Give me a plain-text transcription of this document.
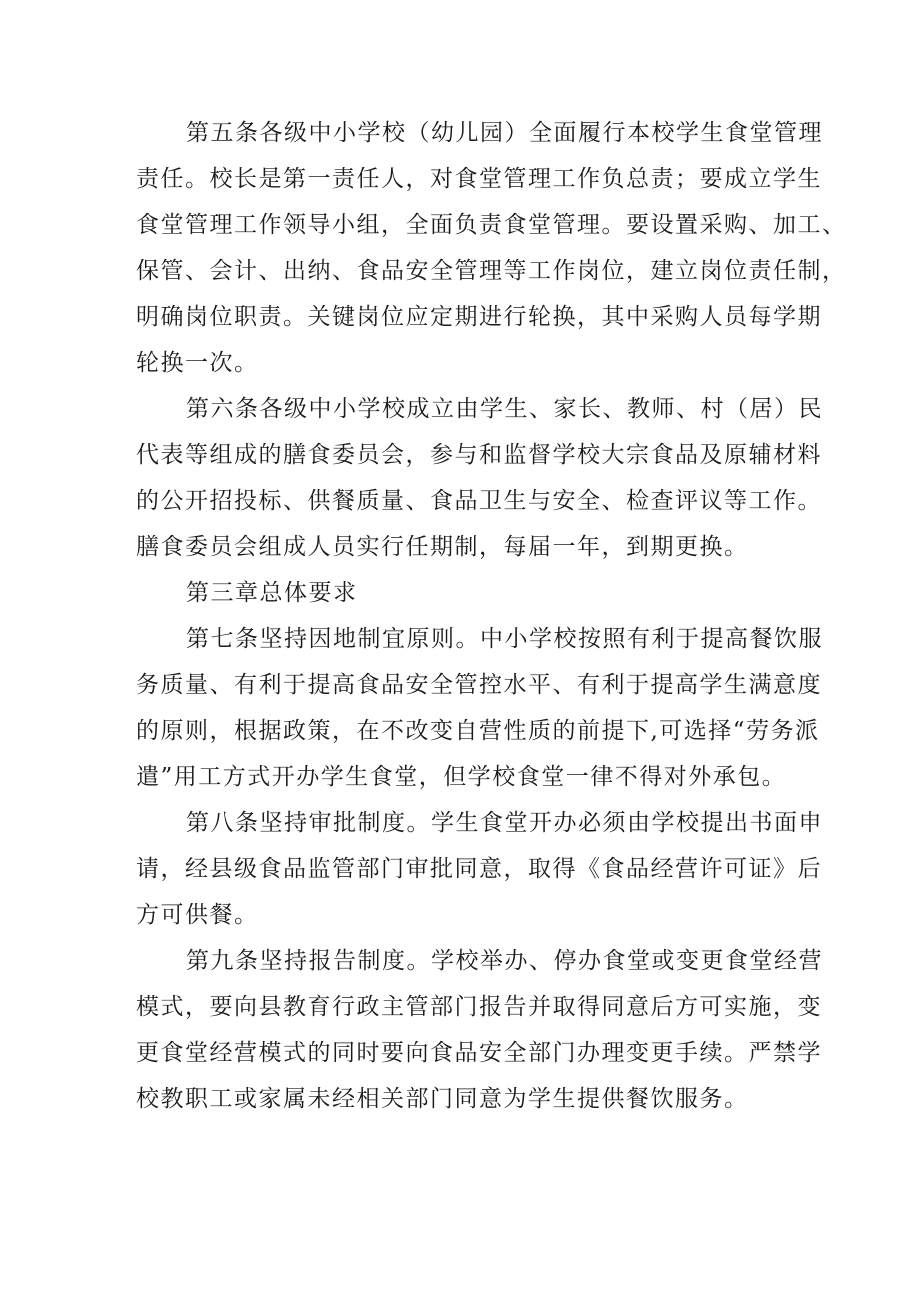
第五条各级中小学校（幼儿园）全面履行本校学生食堂管理
责任。校长是第一责任人，对食堂管理工作负总责；要成立学生
食堂管理工作领导小组，全面负责食堂管理。要设置采购、加工、
保管、会计、出纳、食品安全管理等工作岗位，建立岗位责任制，
明确岗位职责。关键岗位应定期进行轮换，其中采购人员每学期
轮换一次。
第六条各级中小学校成立由学生、家长、教师、村（居）民
代表等组成的膳食委员会，参与和监督学校大宗食品及原辅材料
的公开招投标、供餐质量、食品卫生与安全、检查评议等工作。
膳食委员会组成人员实行任期制，每届一年，到期更换。
第三章总体要求
第七条坚持因地制宜原则。中小学校按照有利于提高餐饮服
务质量、有利于提高食品安全管控水平、有利于提高学生满意度
的原则，根据政策，在不改变自营性质的前提下,可选择“劳务派
遣”用工方式开办学生食堂，但学校食堂一律不得对外承包。
第八条坚持审批制度。学生食堂开办必须由学校提出书面申
请，经县级食品监管部门审批同意，取得《食品经营许可证》后
方可供餐。
第九条坚持报告制度。学校举办、停办食堂或变更食堂经营
模式，要向县教育行政主管部门报告并取得同意后方可实施，变
更食堂经营模式的同时要向食品安全部门办理变更手续。严禁学
校教职工或家属未经相关部门同意为学生提供餐饮服务。
